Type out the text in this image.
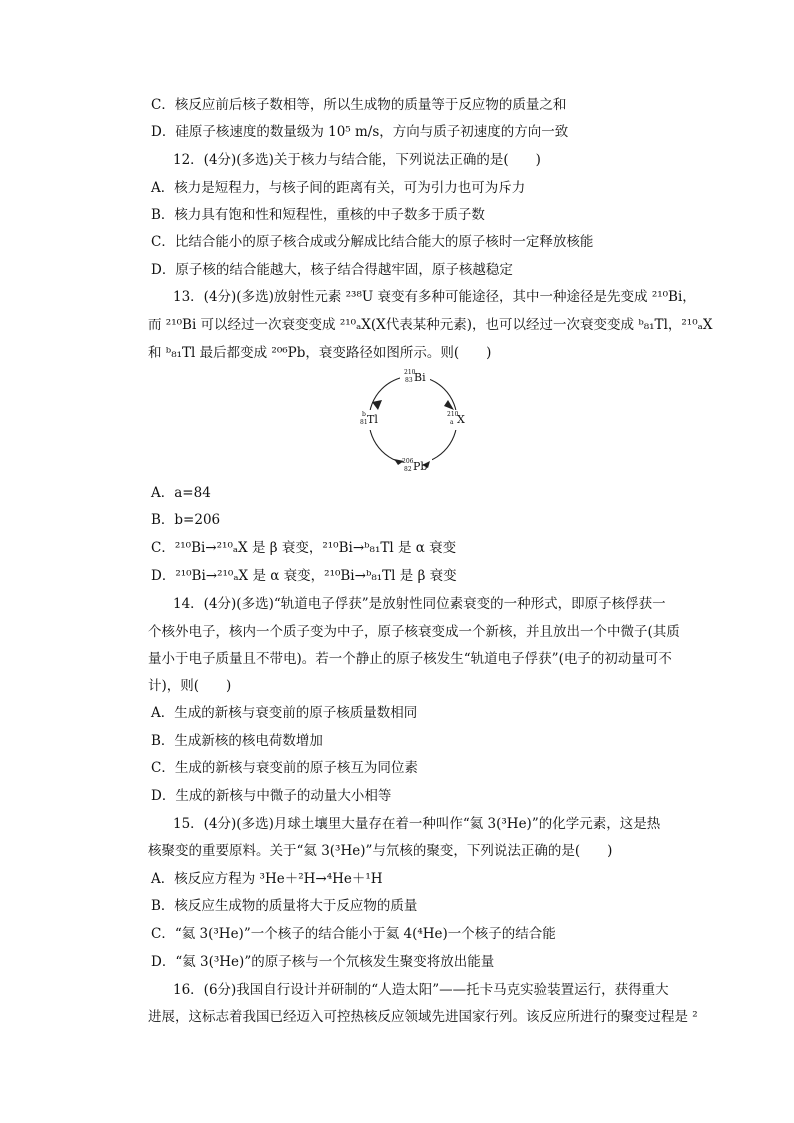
C．核反应前后核子数相等，所以生成物的质量等于反应物的质量之和
D．硅原子核速度的数量级为 10⁵ m/s，方向与质子初速度的方向一致
12．(4分)(多选)关于核力与结合能，下列说法正确的是(　　)
A．核力是短程力，与核子间的距离有关，可为引力也可为斥力
B．核力具有饱和性和短程性，重核的中子数多于质子数
C．比结合能小的原子核合成或分解成比结合能大的原子核时一定释放核能
D．原子核的结合能越大，核子结合得越牢固，原子核越稳定
13．(4分)(多选)放射性元素 ²³⁸U 衰变有多种可能途径，其中一种途径是先变成 ²¹⁰Bi，
而 ²¹⁰Bi 可以经过一次衰变变成 ²¹⁰ₐX(X代表某种元素)，也可以经过一次衰变变成 ᵇ₈₁Tl，²¹⁰ₐX
和 ᵇ₈₁Tl 最后都变成 ²⁰⁶Pb，衰变路径如图所示。则(　　)
210
83 Bi
210
a X
206
82 Pb
b
81 Tl
A．a=84
B．b=206
C．²¹⁰Bi→²¹⁰ₐX 是 β 衰变，²¹⁰Bi→ᵇ₈₁Tl 是 α 衰变
D．²¹⁰Bi→²¹⁰ₐX 是 α 衰变，²¹⁰Bi→ᵇ₈₁Tl 是 β 衰变
14．(4分)(多选)“轨道电子俘获”是放射性同位素衰变的一种形式，即原子核俘获一
个核外电子，核内一个质子变为中子，原子核衰变成一个新核，并且放出一个中微子(其质
量小于电子质量且不带电)。若一个静止的原子核发生“轨道电子俘获”(电子的初动量可不
计)，则(　　)
A．生成的新核与衰变前的原子核质量数相同
B．生成新核的核电荷数增加
C．生成的新核与衰变前的原子核互为同位素
D．生成的新核与中微子的动量大小相等
15．(4分)(多选)月球土壤里大量存在着一种叫作“氦 3(³He)”的化学元素，这是热
核聚变的重要原料。关于“氦 3(³He)”与氘核的聚变，下列说法正确的是(　　)
A．核反应方程为 ³He＋²H→⁴He＋¹H
B．核反应生成物的质量将大于反应物的质量
C．“氦 3(³He)”一个核子的结合能小于氦 4(⁴He)一个核子的结合能
D．“氦 3(³He)”的原子核与一个氘核发生聚变将放出能量
16．(6分)我国自行设计并研制的“人造太阳”——托卡马克实验装置运行，获得重大
进展，这标志着我国已经迈入可控热核反应领域先进国家行列。该反应所进行的聚变过程是 ²
